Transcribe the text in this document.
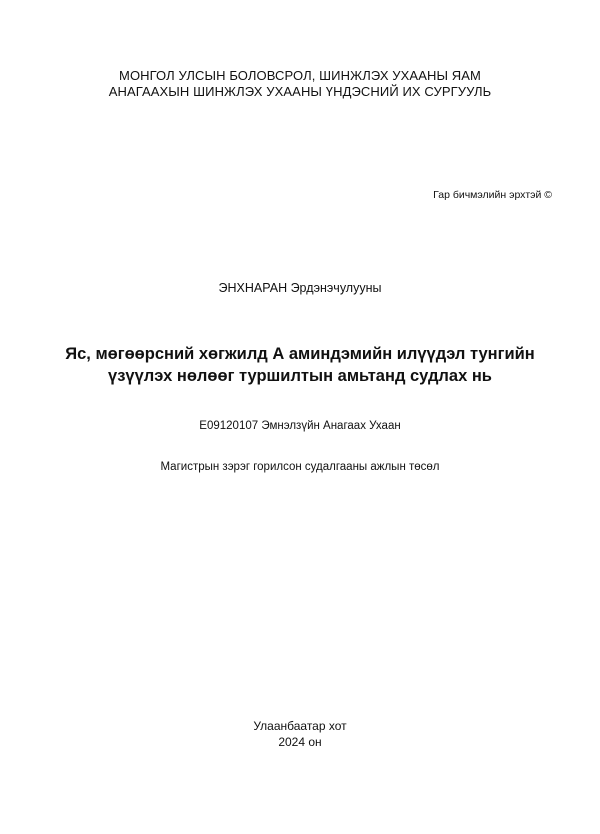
МОНГОЛ УЛСЫН БОЛОВСРОЛ, ШИНЖЛЭХ УХААНЫ ЯАМ
АНАГААХЫН ШИНЖЛЭХ УХААНЫ ҮНДЭСНИЙ ИХ СУРГУУЛЬ
Гар бичмэлийн эрхтэй ©
ЭНХНАРАН Эрдэнэчулууны
Яс, мөгөөрсний хөгжилд А аминдэмийн илүүдэл тунгийн
үзүүлэх нөлөөг туршилтын амьтанд судлах нь
E09120107 Эмнэлзүйн Анагаах Ухаан
Магистрын зэрэг горилсон судалгааны ажлын төсөл
Улаанбаатар хот
2024 он
